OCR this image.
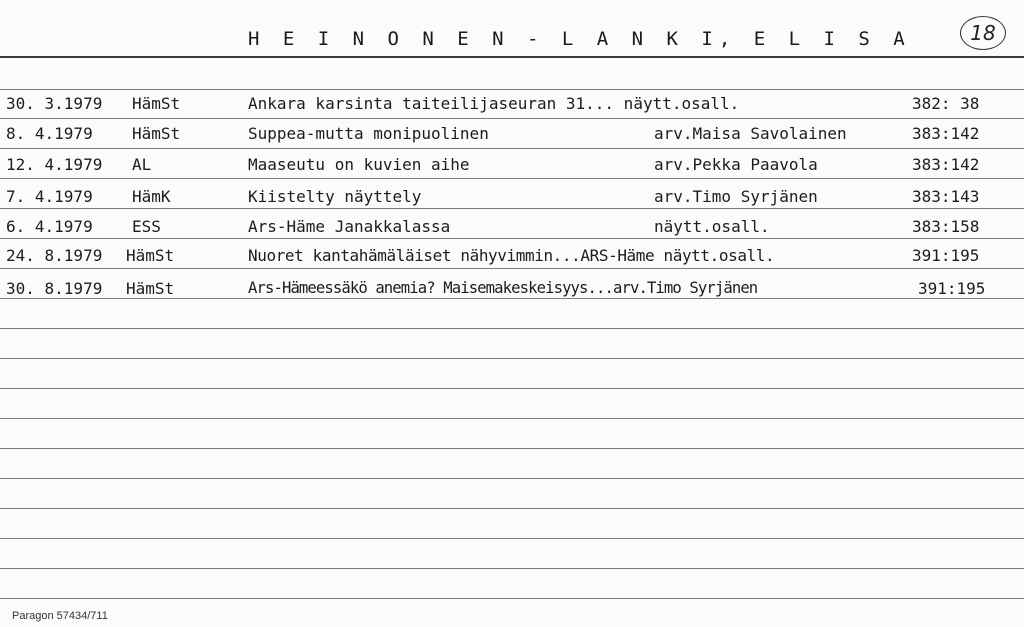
H E I N O N E N - L A N K I, E L I S A	18
30. 3.1979 HämSt	Ankara karsinta taiteilijaseuran 31... näytt.osall.	382: 38
8. 4.1979 HämSt	Suppea-mutta monipuolinen	arv.Maisa Savolainen	383:142
12. 4.1979 AL	Maaseutu on kuvien aihe	arv.Pekka Paavola	383:142
7. 4.1979 HämK	Kiistelty näyttely	arv.Timo Syrjänen	383:143
6. 4.1979 ESS	Ars-Häme Janakkalassa	näytt.osall.	383:158
24. 8.1979 HämSt	Nuoret kantahämäläiset nähyvimmin...ARS-Häme näytt.osall.	391:195
30. 8.1979 HämSt	Ars-Hämeessäkö anemia? Maisemakeskeisyys...arv.Timo Syrjänen	391:195
Paragon 57434/711
